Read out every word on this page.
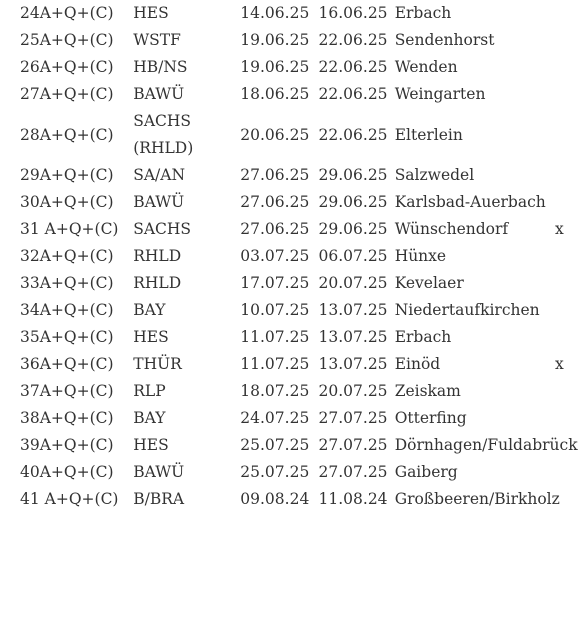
24A+Q+(C)	HES	14.06.25	16.06.25	Erbach	
25A+Q+(C)	WSTF	19.06.25	22.06.25	Sendenhorst	
26A+Q+(C)	HB/NS	19.06.25	22.06.25	Wenden	
27A+Q+(C)	BAWÜ	18.06.25	22.06.25	Weingarten	
28A+Q+(C)	SACHS (RHLD)	20.06.25	22.06.25	Elterlein	
29A+Q+(C)	SA/AN	27.06.25	29.06.25	Salzwedel	
30A+Q+(C)	BAWÜ	27.06.25	29.06.25	Karlsbad-Auerbach	
31 A+Q+(C)	SACHS	27.06.25	29.06.25	Wünschendorf	x
32A+Q+(C)	RHLD	03.07.25	06.07.25	Hünxe	
33A+Q+(C)	RHLD	17.07.25	20.07.25	Kevelaer	
34A+Q+(C)	BAY	10.07.25	13.07.25	Niedertaufkirchen	
35A+Q+(C)	HES	11.07.25	13.07.25	Erbach	
36A+Q+(C)	THÜR	11.07.25	13.07.25	Einöd	x
37A+Q+(C)	RLP	18.07.25	20.07.25	Zeiskam	
38A+Q+(C)	BAY	24.07.25	27.07.25	Otterfing	
39A+Q+(C)	HES	25.07.25	27.07.25	Dörnhagen/Fuldabrück	
40A+Q+(C)	BAWÜ	25.07.25	27.07.25	Gaiberg	
41 A+Q+(C)	B/BRA	09.08.24	11.08.24	Großbeeren/Birkholz	
